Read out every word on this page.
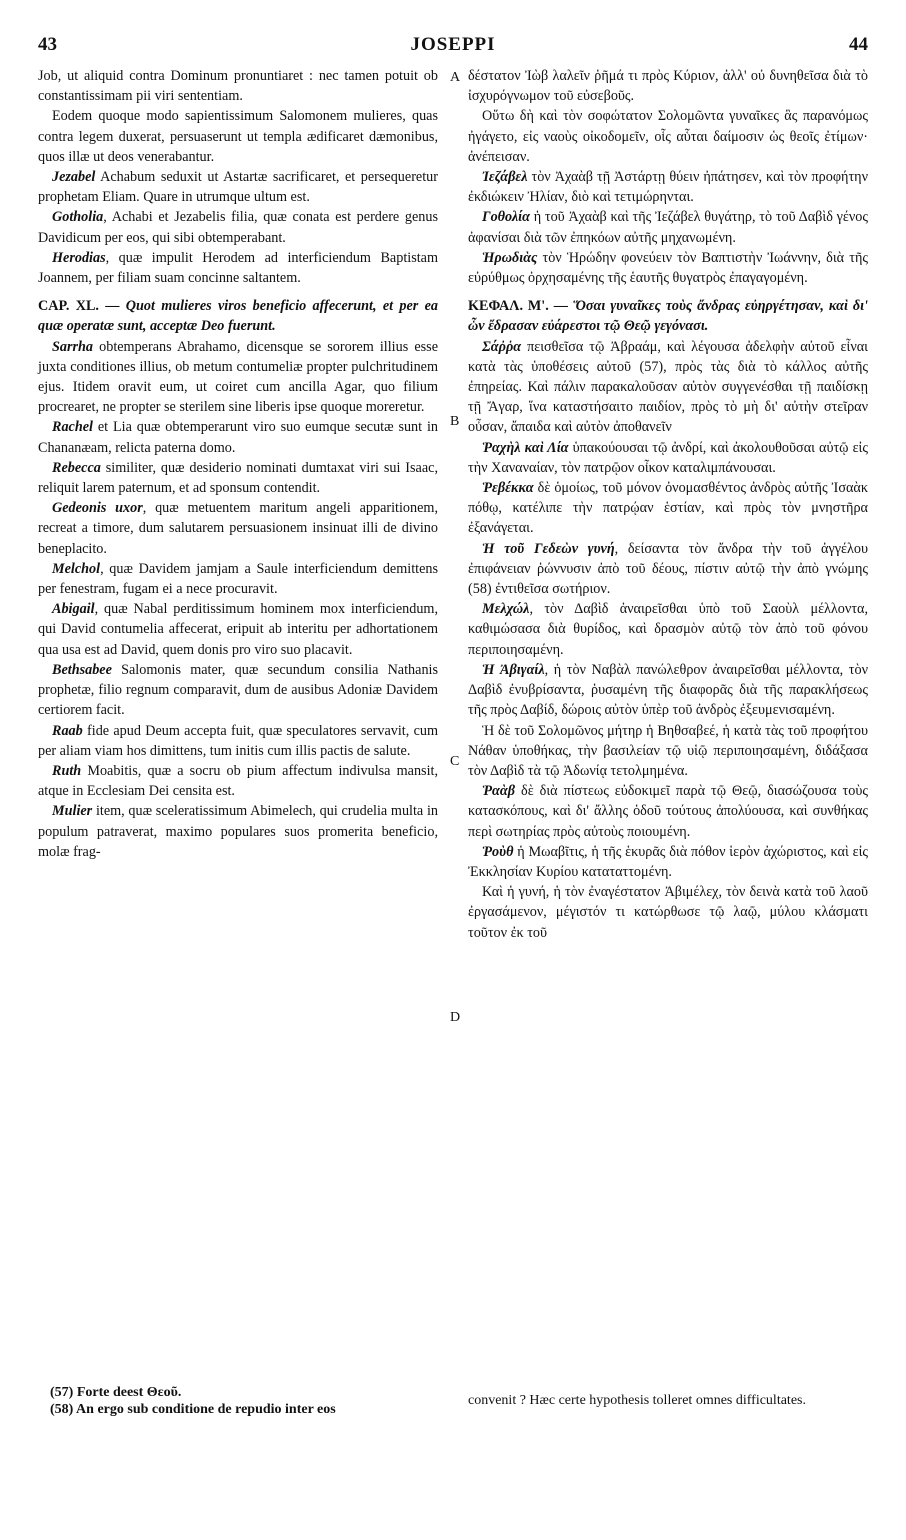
43	JOSEPPI	44

Job, ut aliquid contra Dominum pronuntiaret : nec tamen potuit ob constantissimam pii viri sententiam.

Eodem quoque modo sapientissimum Salomonem mulieres, quas contra legem duxerat, persuaserunt ut templa ædificaret dæmonibus, quos illæ ut deos venerabantur.

Jezabel Achabum seduxit ut Astartæ sacrificaret, et persequeretur prophetam Eliam. Quare in utrumque ultum est.

Gotholia, Achabi et Jezabelis filia, quæ conata est perdere genus Davidicum per eos, qui sibi obtemperabant.

Herodias, quæ impulit Herodem ad interficiendum Baptistam Joannem, per filiam suam concinne saltantem.

CAP. XL. — Quot mulieres viros beneficio affecerunt, et per ea quæ operatæ sunt, acceptæ Deo fuerunt.

Sarrha obtemperans Abrahamo, dicensque se sororem illius esse juxta conditiones illius, ob metum contumeliæ propter pulchritudinem ejus. Itidem oravit eum, ut coiret cum ancilla Agar, quo filium procrearet, ne propter se sterilem sine liberis ipse quoque moreretur.

Rachel et Lia quæ obtemperarunt viro suo eumque secutæ sunt in Chananæam, relicta paterna domo.

Rebecca similiter, quæ desiderio nominati dumtaxat viri sui Isaac, reliquit larem paternum, et ad sponsum contendit.

Gedeonis uxor, quæ metuentem maritum angeli apparitionem, recreat a timore, dum salutarem persuasionem insinuat illi de divino beneplacito.

Melchol, quæ Davidem jamjam a Saule interficiendum demittens per fenestram, fugam ei a nece procuravit.

Abigail, quæ Nabal perditissimum hominem mox interficiendum, qui David contumelia affecerat, eripuit ab interitu per adhortationem qua usa est ad David, quem donis pro viro suo placavit.

Bethsabee Salomonis mater, quæ secundum consilia Nathanis prophetæ, filio regnum comparavit, dum de ausibus Adoniæ Davidem certiorem facit.

Raab fide apud Deum accepta fuit, quæ speculatores servavit, cum per aliam viam hos dimittens, tum initis cum illis pactis de salute.

Ruth Moabitis, quæ a socru ob pium affectum indivulsa mansit, atque in Ecclesiam Dei censita est.

Mulier item, quæ sceleratissimum Abimelech, qui crudelia multa in populum patraverat, maximo populares suos promerita beneficio, molæ frag-

A
B
C
D

δέστατον Ἰὼβ λαλεῖν ῥῆμά τι πρὸς Κύριον, ἀλλ' οὐ δυνηθεῖσα διὰ τὸ ἰσχυρόγνωμον τοῦ εὐσεβοῦς.

Οὕτω δὴ καὶ τὸν σοφώτατον Σολομῶντα γυναῖκες ἃς παρανόμως ἠγάγετο, εἰς ναοὺς οἰκοδομεῖν, οἷς αὗται δαίμοσιν ὡς θεοῖς ἐτίμων· ἀνέπεισαν.

Ἰεζάβελ τὸν Ἀχαὰβ τῇ Ἀστάρτῃ θύειν ἠπάτησεν, καὶ τὸν προφήτην ἐκδιώκειν Ἠλίαν, διὸ καὶ τετιμώρηνται.

Γοθολία ἡ τοῦ Ἀχαὰβ καὶ τῆς Ἰεζάβελ θυγάτηρ, τὸ τοῦ Δαβὶδ γένος ἀφανίσαι διὰ τῶν ἐπηκόων αὐτῆς μηχανωμένη.

Ἡρωδιὰς τὸν Ἡρώδην φονεύειν τὸν Βαπτιστὴν Ἰωάννην, διὰ τῆς εὐρύθμως ὀρχησαμένης τῆς ἑαυτῆς θυγατρὸς ἐπαγαγομένη.

ΚΕΦΑΛ. Μ'. — Ὅσαι γυναῖκες τοὺς ἄνδρας εὐηργέτησαν, καὶ δι' ὧν ἔδρασαν εὐάρεστοι τῷ Θεῷ γεγόνασι.

Σάῤῥα πεισθεῖσα τῷ Ἀβραάμ, καὶ λέγουσα ἀδελφὴν αὐτοῦ εἶναι κατὰ τὰς ὑποθέσεις αὐτοῦ (57), πρὸς τὰς διὰ τὸ κάλλος αὐτῆς ἐπηρείας. Καὶ πάλιν παρακαλοῦσαν αὐτὸν συγγενέσθαι τῇ παιδίσκῃ τῇ Ἄγαρ, ἵνα καταστήσαιτο παιδίον, πρὸς τὸ μὴ δι' αὐτὴν στεῖραν οὖσαν, ἄπαιδα καὶ αὐτὸν ἀποθανεῖν

Ῥαχὴλ καὶ Λία ὑπακούουσαι τῷ ἀνδρί, καὶ ἀκολουθοῦσαι αὐτῷ εἰς τὴν Χαναναίαν, τὸν πατρῷον οἶκον καταλιμπάνουσαι.

Ῥεβέκκα δὲ ὁμοίως, τοῦ μόνον ὀνομασθέντος ἀνδρὸς αὐτῆς Ἰσαὰκ πόθῳ, κατέλιπε τὴν πατρῴαν ἑστίαν, καὶ πρὸς τὸν μνηστῆρα ἐξανάγεται.

Ἡ τοῦ Γεδεὼν γυνή, δείσαντα τὸν ἄνδρα τὴν τοῦ ἀγγέλου ἐπιφάνειαν ῥώννυσιν ἀπὸ τοῦ δέους, πίστιν αὐτῷ τὴν ἀπὸ γνώμης (58) ἐντιθεῖσα σωτήριον.

Μελχώλ, τὸν Δαβὶδ ἀναιρεῖσθαι ὑπὸ τοῦ Σαοὺλ μέλλοντα, καθιμώσασα διὰ θυρίδος, καὶ δρασμὸν αὐτῷ τὸν ἀπὸ τοῦ φόνου περιποιησαμένη.

Ἡ Ἀβιγαίλ, ἡ τὸν Ναβὰλ πανώλεθρον ἀναιρεῖσθαι μέλλοντα, τὸν Δαβὶδ ἐνυβρίσαντα, ῥυσαμένη τῆς διαφορᾶς διὰ τῆς παρακλήσεως τῆς πρὸς Δαβίδ, δώροις αὐτὸν ὑπὲρ τοῦ ἀνδρὸς ἐξευμενισαμένη.

Ἡ δὲ τοῦ Σολομῶνος μήτηρ ἡ Βηθσαβεέ, ἡ κατὰ τὰς τοῦ προφήτου Νάθαν ὑποθήκας, τὴν βασιλείαν τῷ υἱῷ περιποιησαμένη, διδάξασα τὸν Δαβὶδ τὰ τῷ Ἀδωνίᾳ τετολμημένα.

Ῥαὰβ δὲ διὰ πίστεως εὐδοκιμεῖ παρὰ τῷ Θεῷ, διασώζουσα τοὺς κατασκόπους, καὶ δι' ἄλλης ὁδοῦ τούτους ἀπολύουσα, καὶ συνθήκας περὶ σωτηρίας πρὸς αὐτοὺς ποιουμένη.

Ῥοὺθ ἡ Μωαβῖτις, ἡ τῆς ἑκυρᾶς διὰ πόθον ἱερὸν ἀχώριστος, καὶ εἰς Ἐκκλησίαν Κυρίου καταταττομένη.

Καὶ ἡ γυνή, ἡ τὸν ἐναγέστατον Ἀβιμέλεχ, τὸν δεινὰ κατὰ τοῦ λαοῦ ἐργασάμενον, μέγιστόν τι κατώρθωσε τῷ λαῷ, μύλου κλάσματι τοῦτον ἐκ τοῦ

(57) Forte deest Θεοῦ.

(58) An ergo sub conditione de repudio inter eos

convenit ? Hæc certe hypothesis tolleret omnes difficultates.
